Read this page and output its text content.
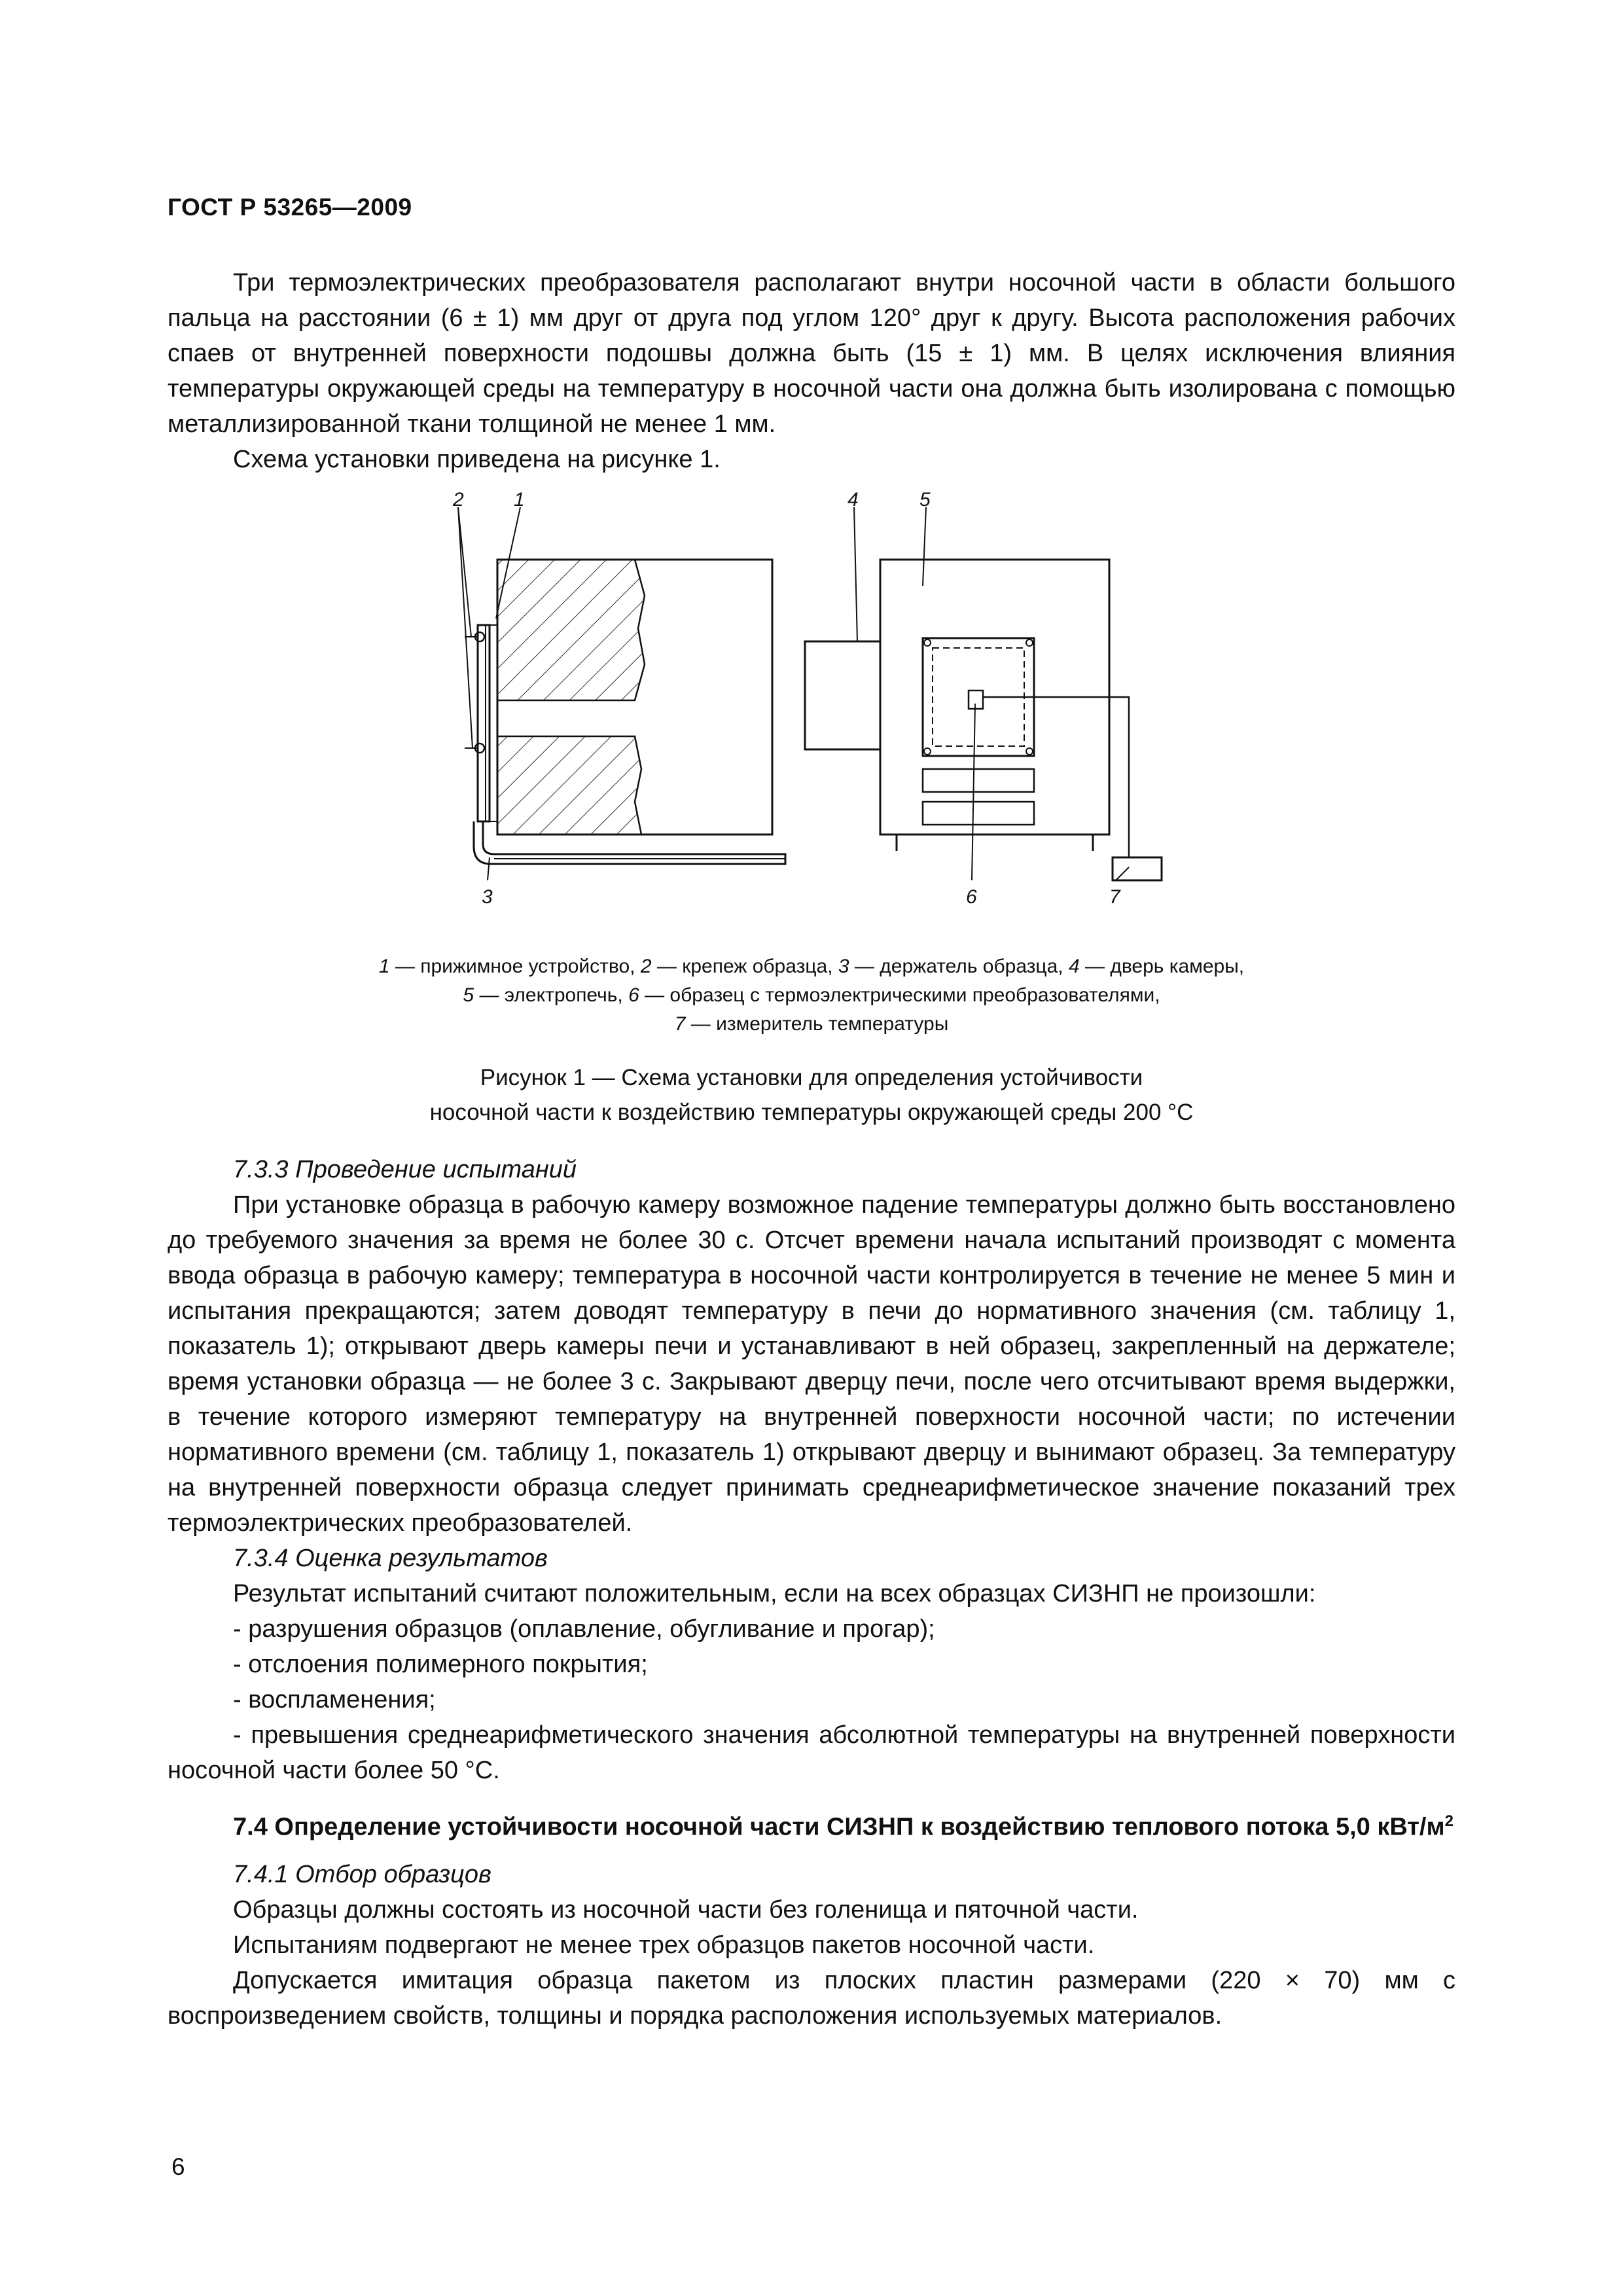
ГОСТ Р 53265—2009

Три термоэлектрических преобразователя располагают внутри носочной части в области большого пальца на расстоянии (6 ± 1) мм друг от друга под углом 120° друг к другу. Высота расположения рабочих спаев от внутренней поверхности подошвы должна быть (15 ± 1) мм. В целях исключения влияния температуры окружающей среды на температуру в носочной части она должна быть изолирована с помощью металлизированной ткани толщиной не менее 1 мм.

Схема установки приведена на рисунке 1.

2	1	4	5
3	6	7
1 — прижимное устройство, 2 — крепеж образца, 3 — держатель образца, 4 — дверь камеры,
5 — электропечь, 6 — образец с термоэлектрическими преобразователями,
7 — измеритель температуры
Рисунок 1 — Схема установки для определения устойчивости
носочной части к воздействию температуры окружающей среды 200 °С

7.3.3 Проведение испытаний

При установке образца в рабочую камеру возможное падение температуры должно быть восстановлено до требуемого значения за время не более 30 с. Отсчет времени начала испытаний производят с момента ввода образца в рабочую камеру; температура в носочной части контролируется в течение не менее 5 мин и испытания прекращаются; затем доводят температуру в печи до нормативного значения (см. таблицу 1, показатель 1); открывают дверь камеры печи и устанавливают в ней образец, закрепленный на держателе; время установки образца — не более 3 с. Закрывают дверцу печи, после чего отсчитывают время выдержки, в течение которого измеряют температуру на внутренней поверхности носочной части; по истечении нормативного времени (см. таблицу 1, показатель 1) открывают дверцу и вынимают образец. За температуру на внутренней поверхности образца следует принимать среднеарифметическое значение показаний трех термоэлектрических преобразователей.

7.3.4 Оценка результатов

Результат испытаний считают положительным, если на всех образцах СИЗНП не произошли:

- разрушения образцов (оплавление, обугливание и прогар);

- отслоения полимерного покрытия;

- воспламенения;

- превышения среднеарифметического значения абсолютной температуры на внутренней поверхности носочной части более 50 °С.

7.4 Определение устойчивости носочной части СИЗНП к воздействию теплового потока 5,0 кВт/$м^2$

7.4.1 Отбор образцов

Образцы должны состоять из носочной части без голенища и пяточной части.

Испытаниям подвергают не менее трех образцов пакетов носочной части.

Допускается имитация образца пакетом из плоских пластин размерами (220 × 70) мм с воспроизведением свойств, толщины и порядка расположения используемых материалов.

6
